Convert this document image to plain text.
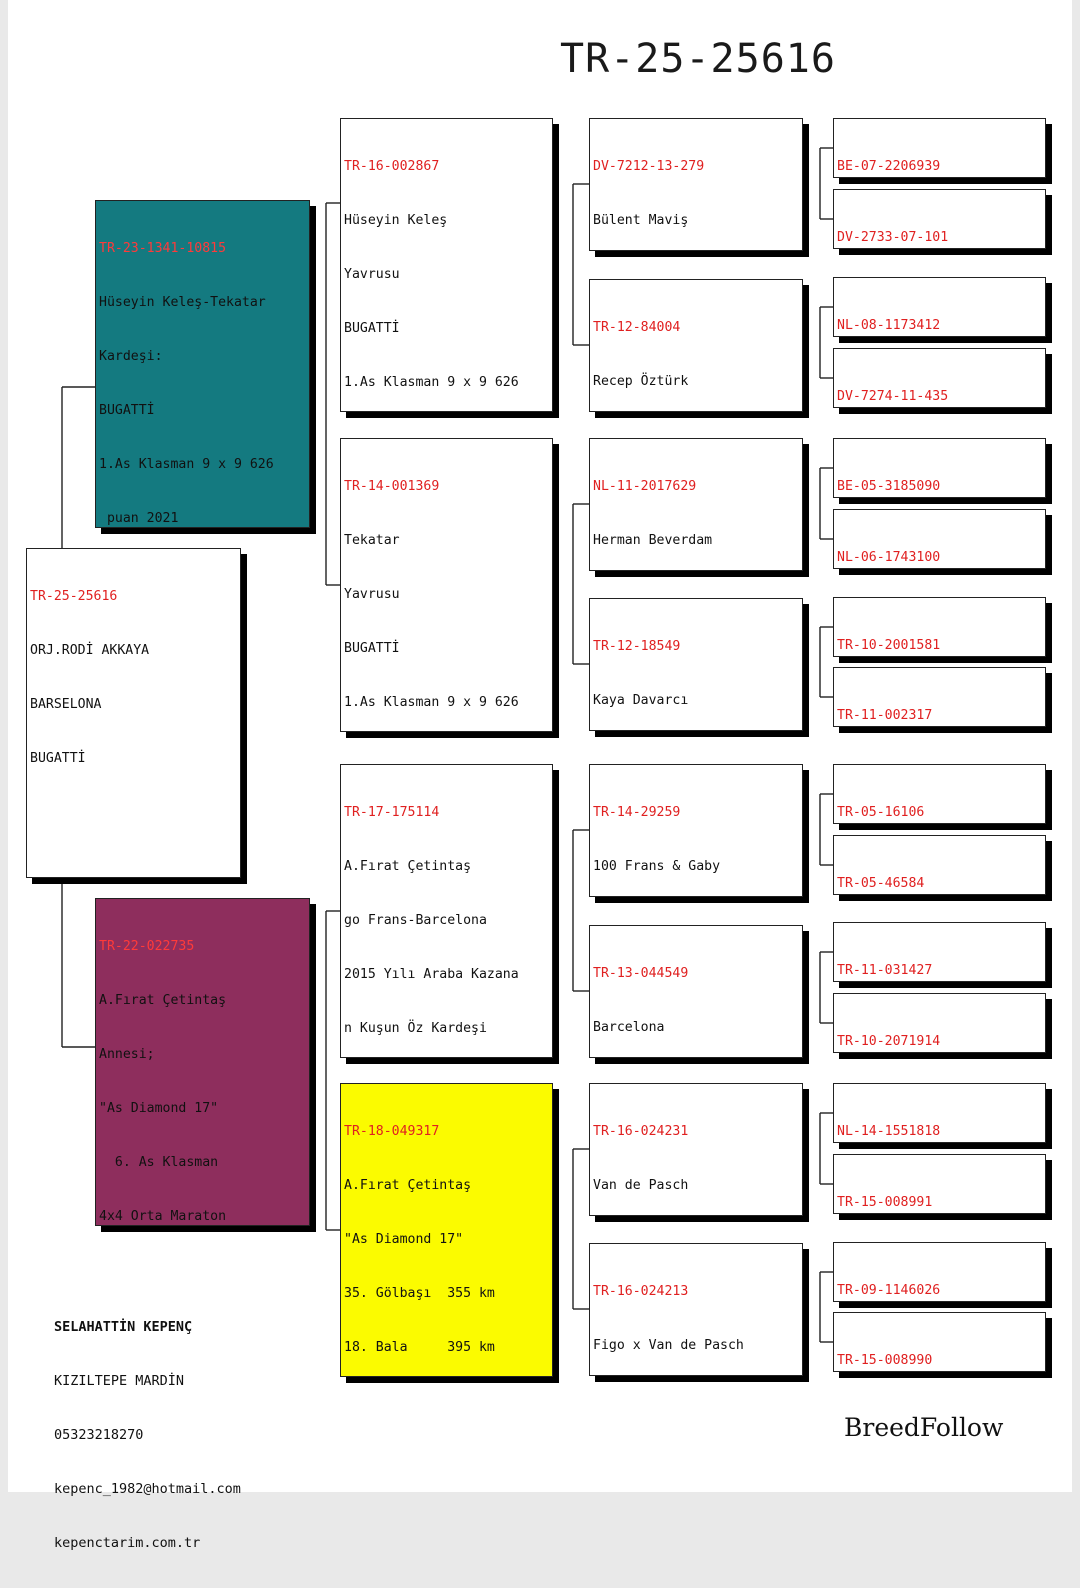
TR-25-25616

TR-25-25616

ORJ.RODİ AKKAYA

BARSELONA

BUGATTİ

TR-23-1341-10815

Hüseyin Keleş-Tekatar

Kardeşi:

BUGATTİ

1.As Klasman 9 x 9 626

puan 2021

TR-22-022735

A.Fırat Çetintaş

Annesi;

"As Diamond 17"

6. As Klasman

4x4 Orta Maraton

TR-16-002867

Hüseyin Keleş

Yavrusu

BUGATTİ

1.As Klasman 9 x 9 626

TR-14-001369

Tekatar

Yavrusu

BUGATTİ

1.As Klasman 9 x 9 626

TR-17-175114

A.Fırat Çetintaş

go Frans-Barcelona

2015 Yılı Araba Kazana

n Kuşun Öz Kardeşi

TR-18-049317

A.Fırat Çetintaş

"As Diamond 17"

35. Gölbaşı  355 km

18. Bala     395 km

DV-7212-13-279

Bülent Maviş

TR-12-84004

Recep Öztürk

NL-11-2017629

Herman Beverdam

TR-12-18549

Kaya Davarcı

TR-14-29259

100 Frans & Gaby

TR-13-044549

Barcelona

TR-16-024231

Van de Pasch

TR-16-024213

Figo x Van de Pasch

BE-07-2206939

DV-2733-07-101

NL-08-1173412

DV-7274-11-435

BE-05-3185090

NL-06-1743100

TR-10-2001581

TR-11-002317

TR-05-16106

TR-05-46584

TR-11-031427

TR-10-2071914

NL-14-1551818

TR-15-008991

TR-09-1146026

TR-15-008990

SELAHATTİN KEPENÇ

KIZILTEPE MARDİN

05323218270

kepenc_1982@hotmail.com

kepenctarim.com.tr

BreedFollow
